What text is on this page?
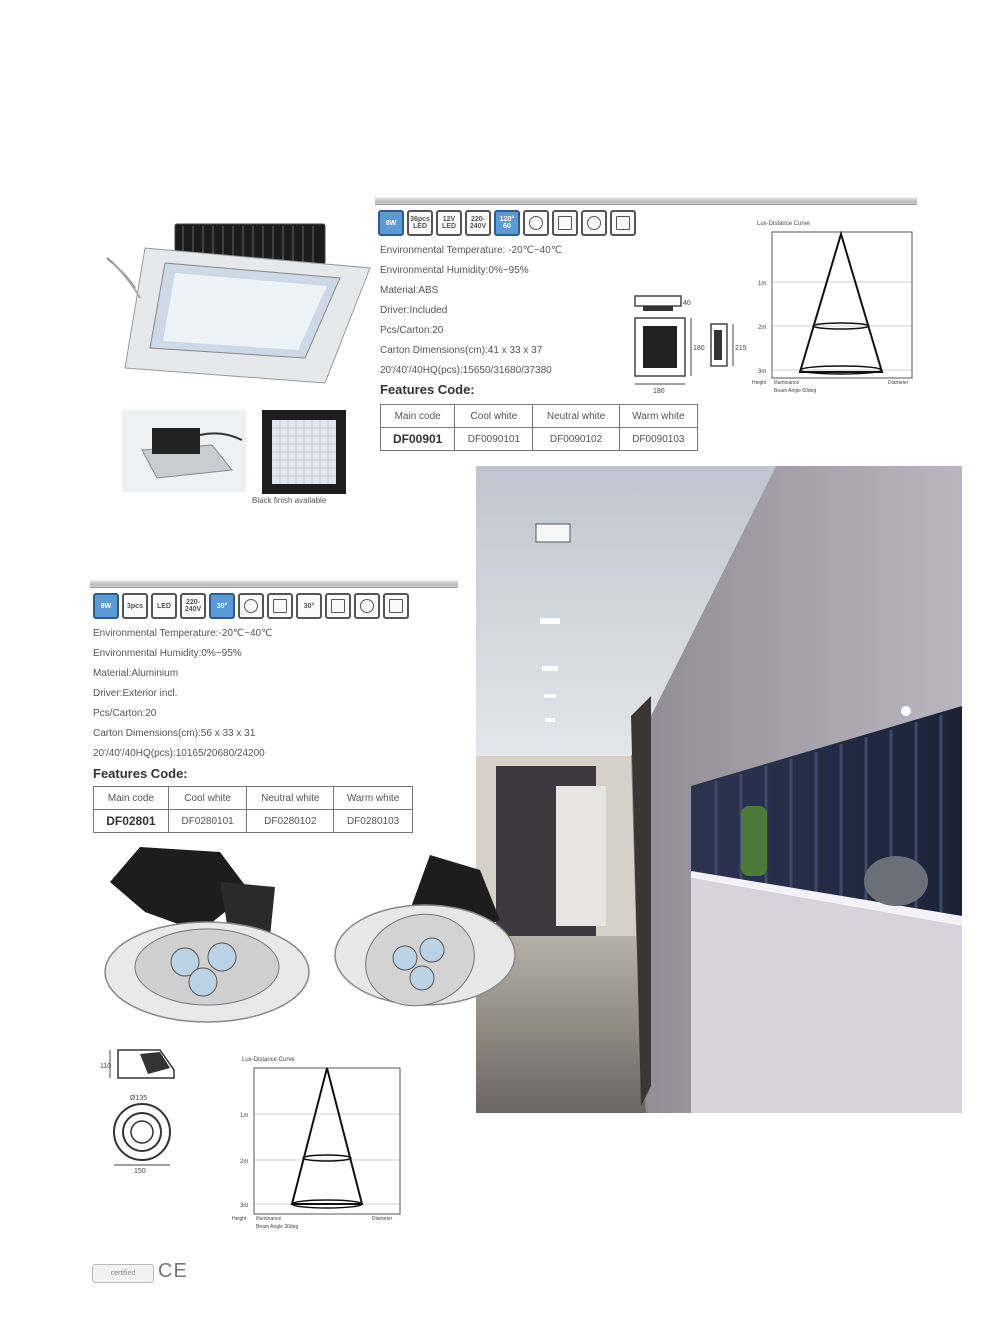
Black finish available
8W	36pcs LED
12V LED
220-240V
120° 60
Environmental Temperature: -20℃~40℃
Environmental Humidity:0%~95%
Material:ABS
Driver:Included
Pcs/Carton:20
Carton Dimensions(cm):41 x 33 x 37
20'/40'/40HQ(pcs):15650/31680/37380
Features Code:
Main code	Cool white	Neutral white	Warm white
DF00901	DF0090101	DF0090102	DF0090103
40
180
180	215
Lux-Distance Curve
1m
2m
3m
Height Illuminance	Diameter
Beam Angle 60deg
9W	3pcs	LED	220-240V	30°	30°
Environmental Temperature:-20℃~40℃
Environmental Humidity:0%~95%
Material:Aluminium
Driver:Exterior incl.
Pcs/Carton:20
Carton Dimensions(cm):56 x 33 x 31
20'/40'/40HQ(pcs):10165/20680/24200
Features Code:
Main code	Cool white	Neutral white	Warm white
DF02801	DF0280101	DF0280102	DF0280103
Ø135
150
110
Lux-Distance Curve
1m
2m
3m
Height Illuminance	Diameter
Beam Angle 30deg
certified	CE
